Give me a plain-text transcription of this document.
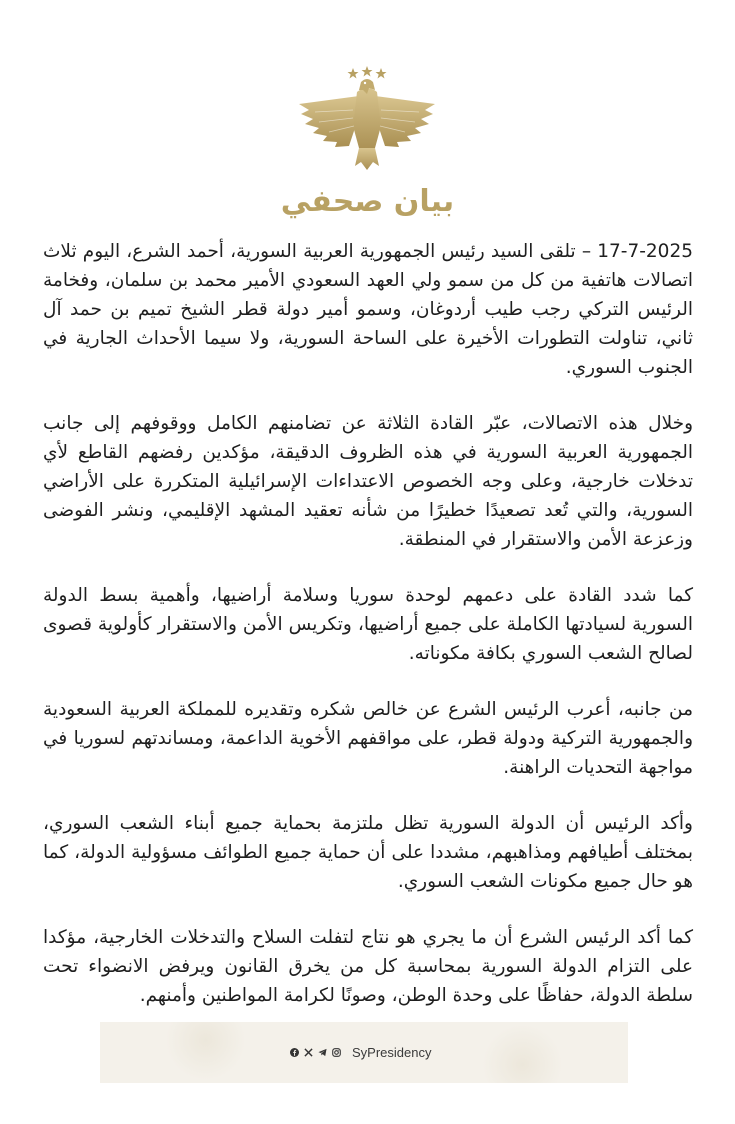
بيان صحفي

17-7-2025 – تلقى السيد رئيس الجمهورية العربية السورية، أحمد الشرع، اليوم ثلاث اتصالات هاتفية من كل من سمو ولي العهد السعودي الأمير محمد بن سلمان، وفخامة الرئيس التركي رجب طيب أردوغان، وسمو أمير دولة قطر الشيخ تميم بن حمد آل ثاني، تناولت التطورات الأخيرة على الساحة السورية، ولا سيما الأحداث الجارية في الجنوب السوري.

وخلال هذه الاتصالات، عبّر القادة الثلاثة عن تضامنهم الكامل ووقوفهم إلى جانب الجمهورية العربية السورية في هذه الظروف الدقيقة، مؤكدين رفضهم القاطع لأي تدخلات خارجية، وعلى وجه الخصوص الاعتداءات الإسرائيلية المتكررة على الأراضي السورية، والتي تُعد تصعيدًا خطيرًا من شأنه تعقيد المشهد الإقليمي، ونشر الفوضى وزعزعة الأمن والاستقرار في المنطقة.

كما شدد القادة على دعمهم لوحدة سوريا وسلامة أراضيها، وأهمية بسط الدولة السورية لسيادتها الكاملة على جميع أراضيها، وتكريس الأمن والاستقرار كأولوية قصوى لصالح الشعب السوري بكافة مكوناته.

من جانبه، أعرب الرئيس الشرع عن خالص شكره وتقديره للمملكة العربية السعودية والجمهورية التركية ودولة قطر، على مواقفهم الأخوية الداعمة، ومساندتهم لسوريا في مواجهة التحديات الراهنة.

وأكد الرئيس أن الدولة السورية تظل ملتزمة بحماية جميع أبناء الشعب السوري، بمختلف أطيافهم ومذاهبهم، مشددا على أن حماية جميع الطوائف مسؤولية الدولة، كما هو حال جميع مكونات الشعب السوري.

كما أكد الرئيس الشرع أن ما يجري هو نتاج لتفلت السلاح والتدخلات الخارجية، مؤكدا على التزام الدولة السورية بمحاسبة كل من يخرق القانون ويرفض الانضواء تحت سلطة الدولة، حفاظًا على وحدة الوطن، وصونًا لكرامة المواطنين وأمنهم.

SyPresidency
